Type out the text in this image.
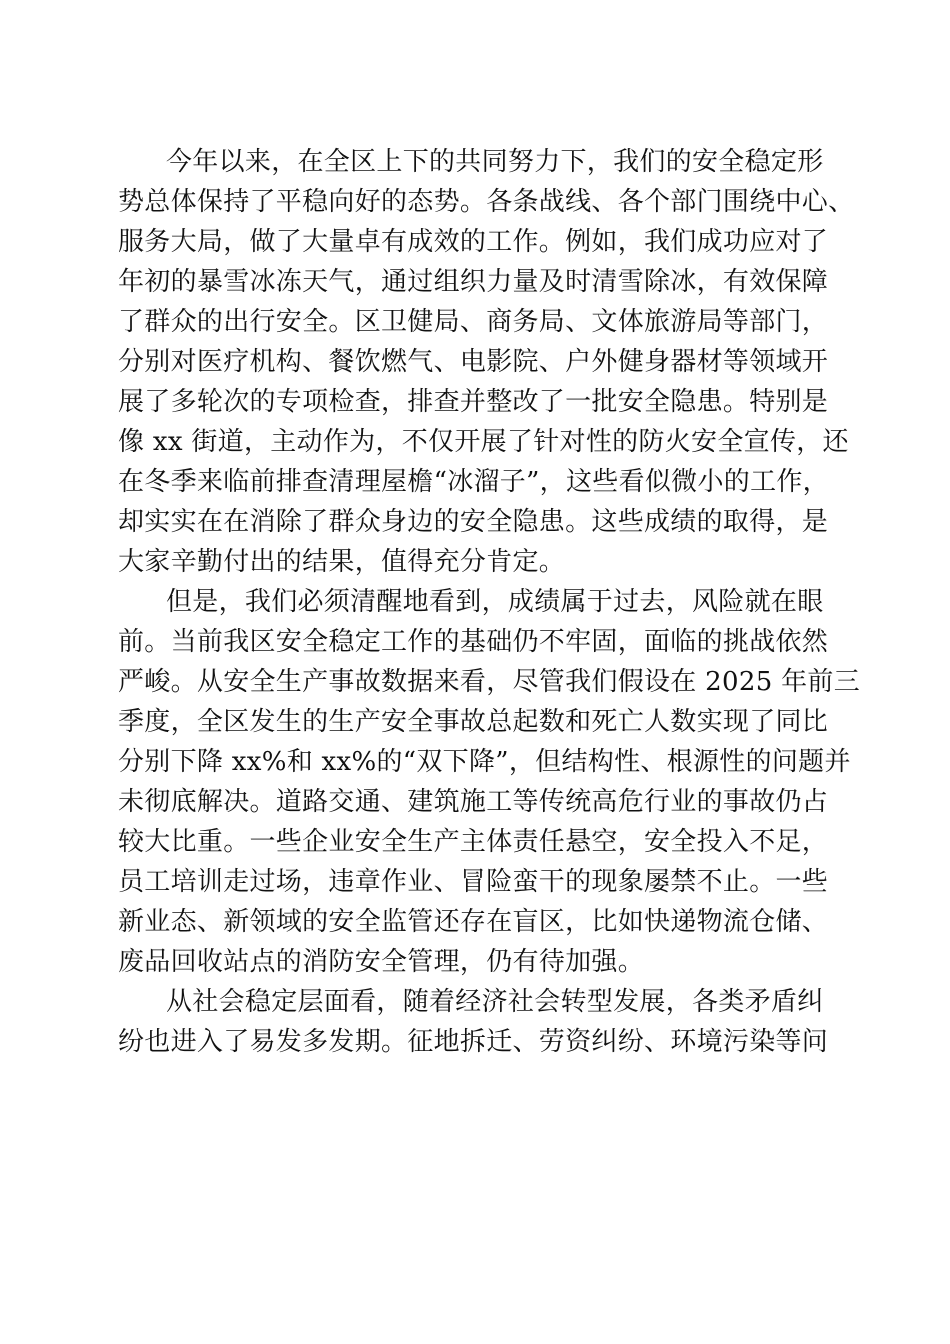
今年以来，在全区上下的共同努力下，我们的安全稳定形
势总体保持了平稳向好的态势。各条战线、各个部门围绕中心、
服务大局，做了大量卓有成效的工作。例如，我们成功应对了
年初的暴雪冰冻天气，通过组织力量及时清雪除冰，有效保障
了群众的出行安全。区卫健局、商务局、文体旅游局等部门，
分别对医疗机构、餐饮燃气、电影院、户外健身器材等领域开
展了多轮次的专项检查，排查并整改了一批安全隐患。特别是
像 xx 街道，主动作为，不仅开展了针对性的防火安全宣传，还
在冬季来临前排查清理屋檐“冰溜子”，这些看似微小的工作，
却实实在在消除了群众身边的安全隐患。这些成绩的取得，是
大家辛勤付出的结果，值得充分肯定。
但是，我们必须清醒地看到，成绩属于过去，风险就在眼
前。当前我区安全稳定工作的基础仍不牢固，面临的挑战依然
严峻。从安全生产事故数据来看，尽管我们假设在 2025 年前三
季度，全区发生的生产安全事故总起数和死亡人数实现了同比
分别下降 xx%和 xx%的“双下降”，但结构性、根源性的问题并
未彻底解决。道路交通、建筑施工等传统高危行业的事故仍占
较大比重。一些企业安全生产主体责任悬空，安全投入不足，
员工培训走过场，违章作业、冒险蛮干的现象屡禁不止。一些
新业态、新领域的安全监管还存在盲区，比如快递物流仓储、
废品回收站点的消防安全管理，仍有待加强。
从社会稳定层面看，随着经济社会转型发展，各类矛盾纠
纷也进入了易发多发期。征地拆迁、劳资纠纷、环境污染等问
